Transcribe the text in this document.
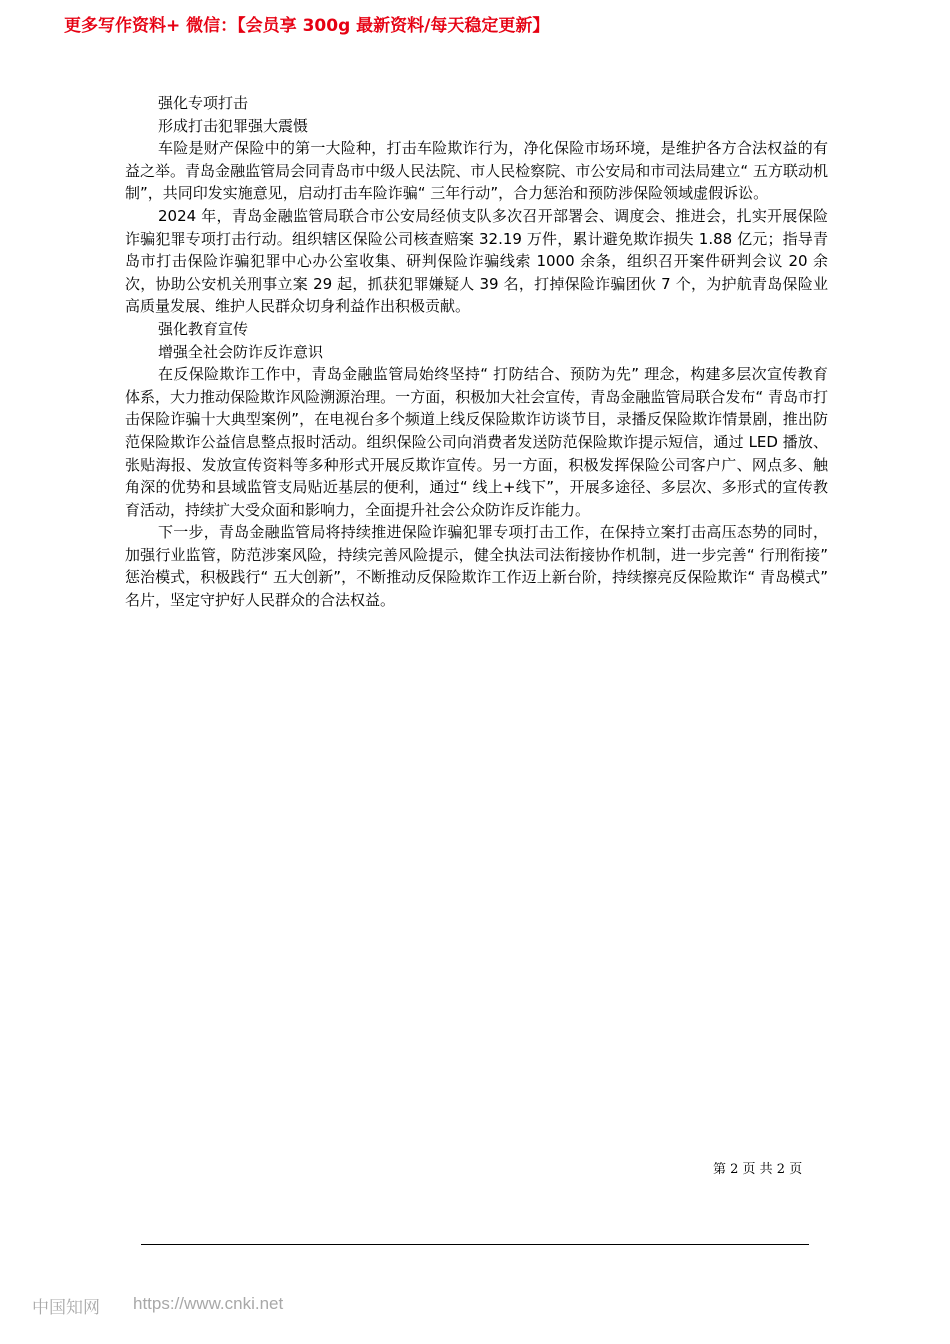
更多写作资料+ 微信：【会员享 300g 最新资料/每天稳定更新】

强化专项打击

形成打击犯罪强大震慑

车险是财产保险中的第一大险种，打击车险欺诈行为，净化保险市场环境，是维护各方合法权益的有益之举。青岛金融监管局会同青岛市中级人民法院、市人民检察院、市公安局和市司法局建立“ 五方联动机制”，共同印发实施意见，启动打击车险诈骗“ 三年行动”，合力惩治和预防涉保险领域虚假诉讼。

2024 年，青岛金融监管局联合市公安局经侦支队多次召开部署会、调度会、推进会，扎实开展保险诈骗犯罪专项打击行动。组织辖区保险公司核查赔案 32.19 万件，累计避免欺诈损失 1.88 亿元；指导青岛市打击保险诈骗犯罪中心办公室收集、研判保险诈骗线索 1000 余条，组织召开案件研判会议 20 余次，协助公安机关刑事立案 29 起，抓获犯罪嫌疑人 39 名，打掉保险诈骗团伙 7 个，为护航青岛保险业高质量发展、维护人民群众切身利益作出积极贡献。

强化教育宣传

增强全社会防诈反诈意识

在反保险欺诈工作中，青岛金融监管局始终坚持“ 打防结合、预防为先” 理念，构建多层次宣传教育体系，大力推动保险欺诈风险溯源治理。一方面，积极加大社会宣传，青岛金融监管局联合发布“ 青岛市打击保险诈骗十大典型案例”，在电视台多个频道上线反保险欺诈访谈节目，录播反保险欺诈情景剧，推出防范保险欺诈公益信息整点报时活动。组织保险公司向消费者发送防范保险欺诈提示短信，通过 LED 播放、张贴海报、发放宣传资料等多种形式开展反欺诈宣传。另一方面，积极发挥保险公司客户广、网点多、触角深的优势和县域监管支局贴近基层的便利，通过“ 线上+线下”，开展多途径、多层次、多形式的宣传教育活动，持续扩大受众面和影响力，全面提升社会公众防诈反诈能力。

下一步，青岛金融监管局将持续推进保险诈骗犯罪专项打击工作，在保持立案打击高压态势的同时，加强行业监管，防范涉案风险，持续完善风险提示，健全执法司法衔接协作机制，进一步完善“ 行刑衔接” 惩治模式，积极践行“ 五大创新”，不断推动反保险欺诈工作迈上新台阶，持续擦亮反保险欺诈“ 青岛模式” 名片，坚定守护好人民群众的合法权益。

第 2 页 共 2 页
中国知网 https://www.cnki.net
